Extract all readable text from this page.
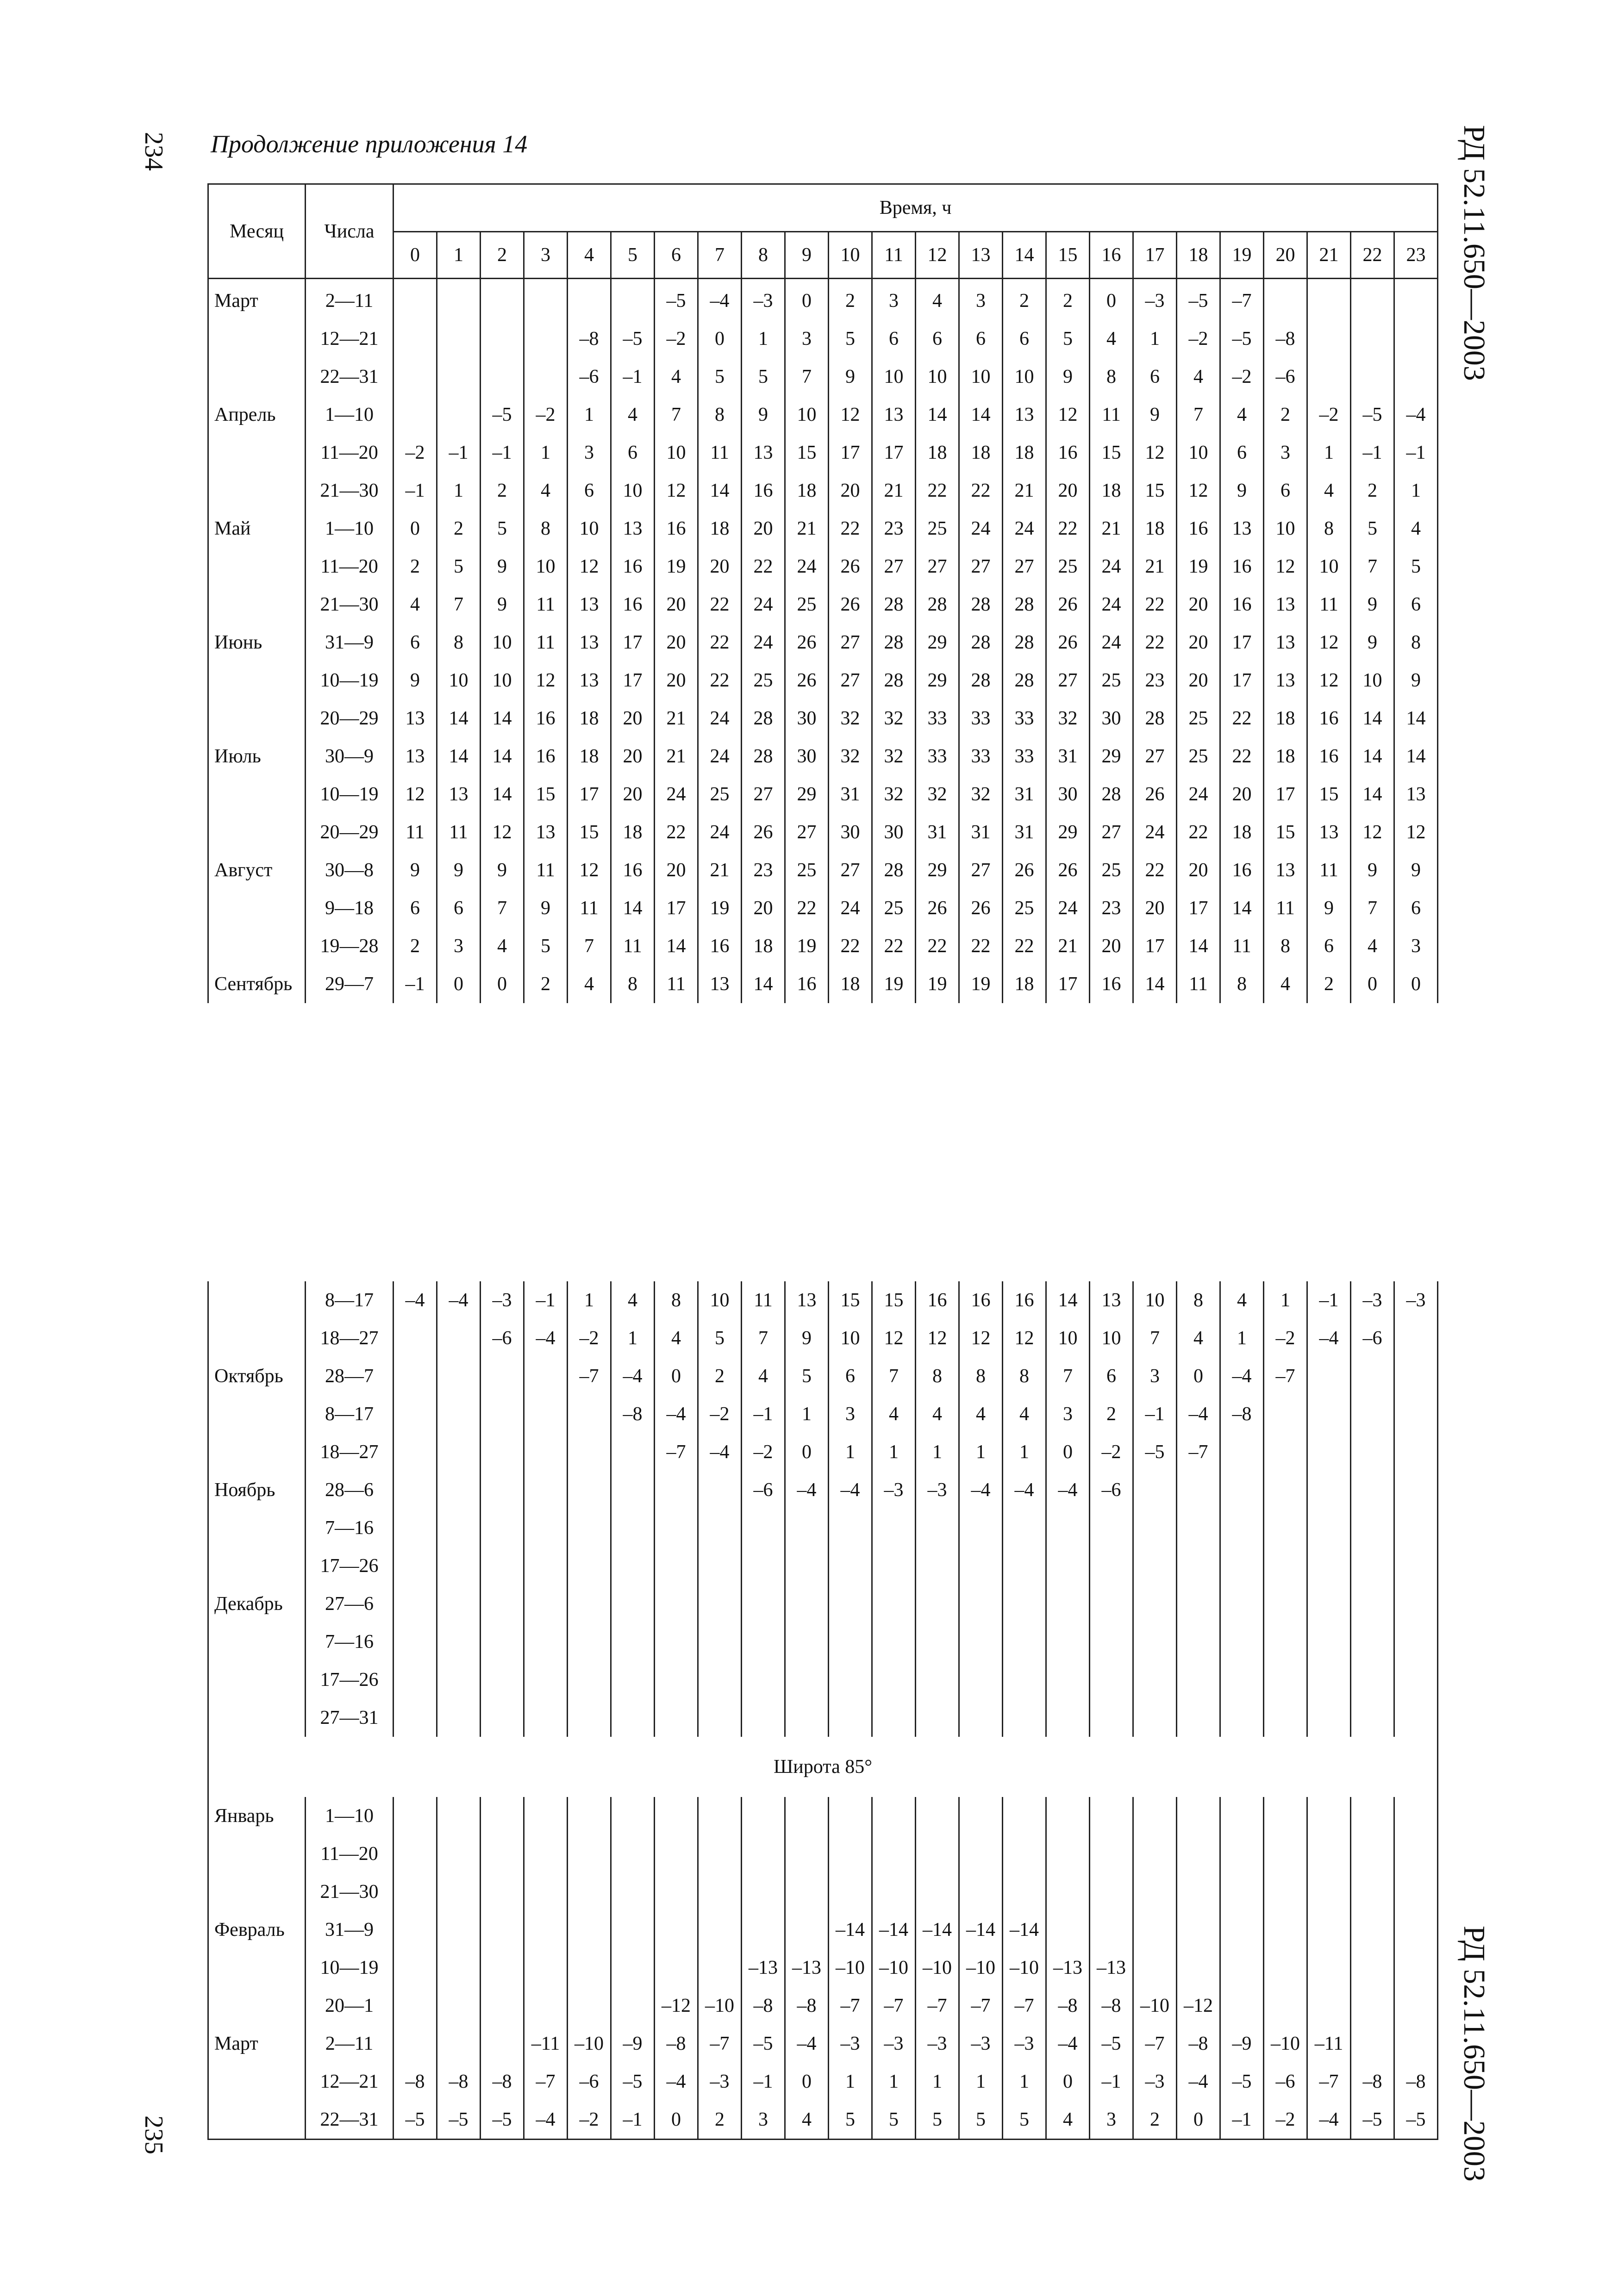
234
235
РД 52.11.650—2003
РД 52.11.650—2003
Продолжение приложения 14
Месяц	Числа	Время, ч																							
		0	1	2	3	4	5	6	7	8	9	10	11	12	13	14	15	16	17	18	19	20	21	22	23
Март	2—11							–5	–4	–3	0	2	3	4	3	2	2	0	–3	–5	–7				
	12—21					–8	–5	–2	0	1	3	5	6	6	6	6	5	4	1	–2	–5	–8			
	22—31					–6	–1	4	5	5	7	9	10	10	10	10	9	8	6	4	–2	–6			
Апрель	1—10			–5	–2	1	4	7	8	9	10	12	13	14	14	13	12	11	9	7	4	2	–2	–5	–4
	11—20	–2	–1	–1	1	3	6	10	11	13	15	17	17	18	18	18	16	15	12	10	6	3	1	–1	–1
	21—30	–1	1	2	4	6	10	12	14	16	18	20	21	22	22	21	20	18	15	12	9	6	4	2	1
Май	1—10	0	2	5	8	10	13	16	18	20	21	22	23	25	24	24	22	21	18	16	13	10	8	5	4
	11—20	2	5	9	10	12	16	19	20	22	24	26	27	27	27	27	25	24	21	19	16	12	10	7	5
	21—30	4	7	9	11	13	16	20	22	24	25	26	28	28	28	28	26	24	22	20	16	13	11	9	6
Июнь	31—9	6	8	10	11	13	17	20	22	24	26	27	28	29	28	28	26	24	22	20	17	13	12	9	8
	10—19	9	10	10	12	13	17	20	22	25	26	27	28	29	28	28	27	25	23	20	17	13	12	10	9
	20—29	13	14	14	16	18	20	21	24	28	30	32	32	33	33	33	32	30	28	25	22	18	16	14	14
Июль	30—9	13	14	14	16	18	20	21	24	28	30	32	32	33	33	33	31	29	27	25	22	18	16	14	14
	10—19	12	13	14	15	17	20	24	25	27	29	31	32	32	32	31	30	28	26	24	20	17	15	14	13
	20—29	11	11	12	13	15	18	22	24	26	27	30	30	31	31	31	29	27	24	22	18	15	13	12	12
Август	30—8	9	9	9	11	12	16	20	21	23	25	27	28	29	27	26	26	25	22	20	16	13	11	9	9
	9—18	6	6	7	9	11	14	17	19	20	22	24	25	26	26	25	24	23	20	17	14	11	9	7	6
	19—28	2	3	4	5	7	11	14	16	18	19	22	22	22	22	22	21	20	17	14	11	8	6	4	3
Сентябрь	29—7	–1	0	0	2	4	8	11	13	14	16	18	19	19	19	18	17	16	14	11	8	4	2	0	0
	8—17	–4	–4	–3	–1	1	4	8	10	11	13	15	15	16	16	16	14	13	10	8	4	1	–1	–3	–3
	18—27			–6	–4	–2	1	4	5	7	9	10	12	12	12	12	10	10	7	4	1	–2	–4	–6	
Октябрь	28—7					–7	–4	0	2	4	5	6	7	8	8	8	7	6	3	0	–4	–7			
	8—17						–8	–4	–2	–1	1	3	4	4	4	4	3	2	–1	–4	–8				
	18—27							–7	–4	–2	0	1	1	1	1	1	0	–2	–5	–7					
Ноябрь	28—6									–6	–4	–4	–3	–3	–4	–4	–4	–6							
	7—16																								
	17—26																								
Декабрь	27—6																								
	7—16																								
	17—26																								
	27—31																								
Широта 85°																									
Январь	1—10																								
	11—20																								
	21—30																								
Февраль	31—9											–14	–14	–14	–14	–14									
	10—19									–13	–13	–10	–10	–10	–10	–10	–13	–13							
	20—1							–12	–10	–8	–8	–7	–7	–7	–7	–7	–8	–8	–10	–12					
Март	2—11				–11	–10	–9	–8	–7	–5	–4	–3	–3	–3	–3	–3	–4	–5	–7	–8	–9	–10	–11		
	12—21	–8	–8	–8	–7	–6	–5	–4	–3	–1	0	1	1	1	1	1	0	–1	–3	–4	–5	–6	–7	–8	–8
	22—31	–5	–5	–5	–4	–2	–1	0	2	3	4	5	5	5	5	5	4	3	2	0	–1	–2	–4	–5	–5
